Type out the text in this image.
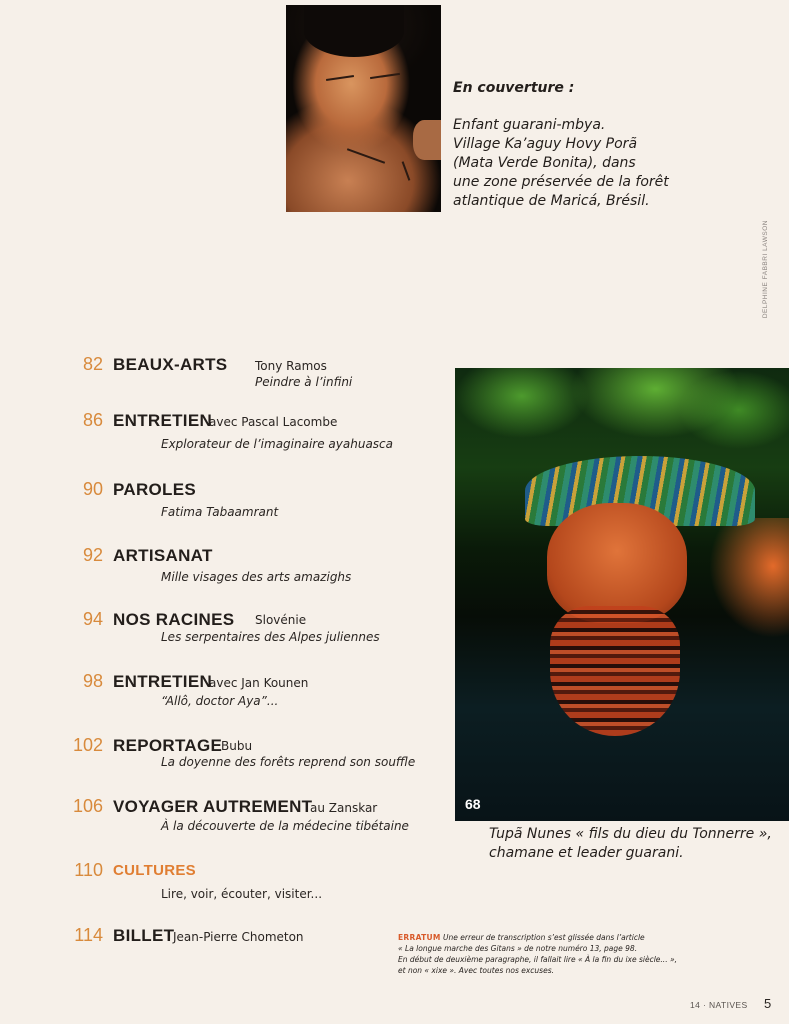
En couverture :
Enfant guarani-mbya.
Village Ka’aguy Hovy Porã
(Mata Verde Bonita), dans
une zone préservée de la forêt
atlantique de Maricá, Brésil.
DELPHINE FABBRI LAWSON
82 BEAUX-ARTS Tony Ramos
Peindre à l’infini
86 ENTRETIEN
avec Pascal Lacombe
Explorateur de l’imaginaire ayahuasca
90 PAROLES
Fatima Tabaamrant
92 ARTISANAT
Mille visages des arts amazighs
94 NOS RACINES Slovénie
Les serpentaires des Alpes juliennes
98 ENTRETIEN
avec Jan Kounen
“Allô, doctor Aya”...
102 REPORTAGE
Bubu
La doyenne des forêts reprend son souffle
106 VOYAGER AUTREMENT
au Zanskar
À la découverte de la médecine tibétaine
110 CULTURES
Lire, voir, écouter, visiter...
114 BILLET
Jean-Pierre Chometon
68
Tupã Nunes « fils du dieu du Tonnerre »,
chamane et leader guarani.
ERRATUM Une erreur de transcription s’est glissée dans l’article
« La longue marche des Gitans » de notre numéro 13, page 98.
En début de deuxième paragraphe, il fallait lire « À la fin du ixe siècle... »,
et non « xixe ». Avec toutes nos excuses.
14 · NATIVES 5
